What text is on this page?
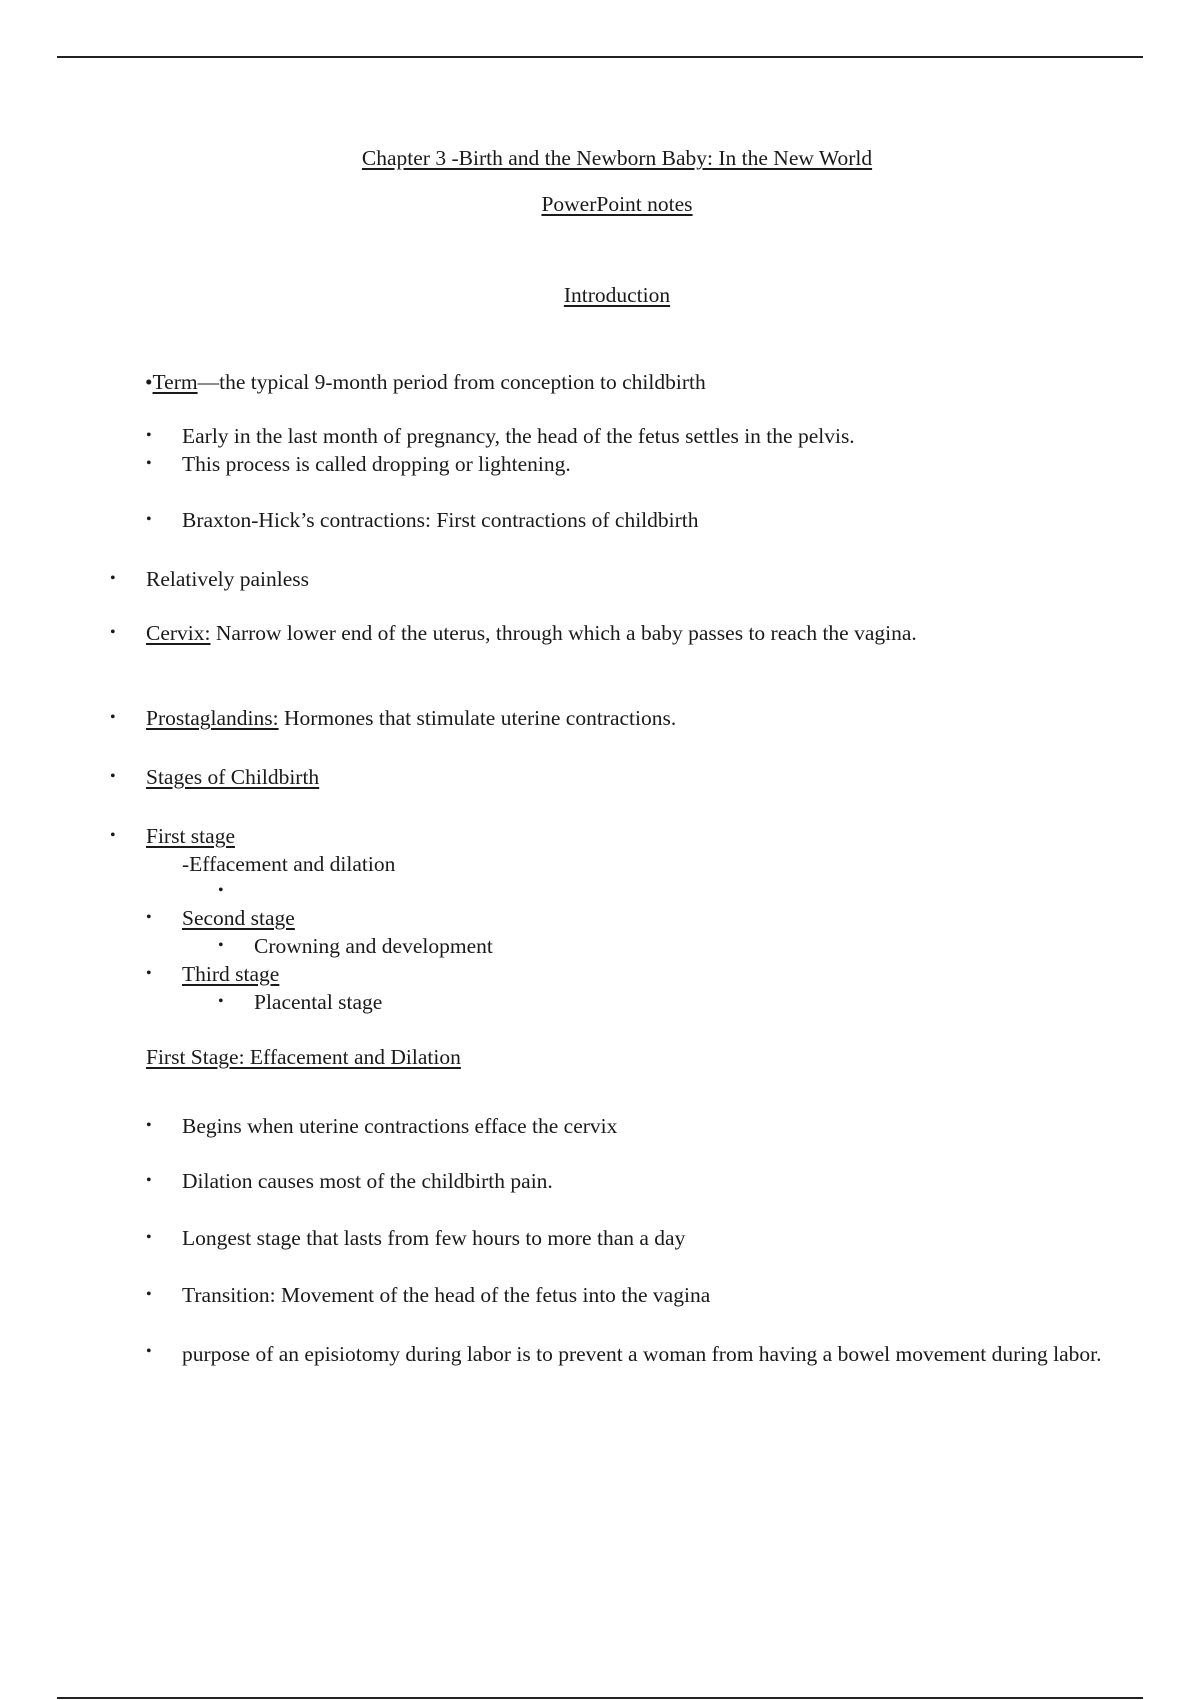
Chapter 3 -Birth and the Newborn Baby: In the New World
PowerPoint notes
Introduction
•Term—the typical 9-month period from conception to childbirth
• Early in the last month of pregnancy, the head of the fetus settles in the pelvis.
• This process is called dropping or lightening.
• Braxton-Hick’s contractions: First contractions of childbirth
• Relatively painless
• Cervix: Narrow lower end of the uterus, through which a baby passes to reach the vagina.
• Prostaglandins: Hormones that stimulate uterine contractions.
• Stages of Childbirth
• First stage
-Effacement and dilation
•
• Second stage
• Crowning and development
• Third stage
• Placental stage
First Stage: Effacement and Dilation
• Begins when uterine contractions efface the cervix
• Dilation causes most of the childbirth pain.
• Longest stage that lasts from few hours to more than a day
• Transition: Movement of the head of the fetus into the vagina
• purpose of an episiotomy during labor is to prevent a woman from having a bowel movement during labor.
